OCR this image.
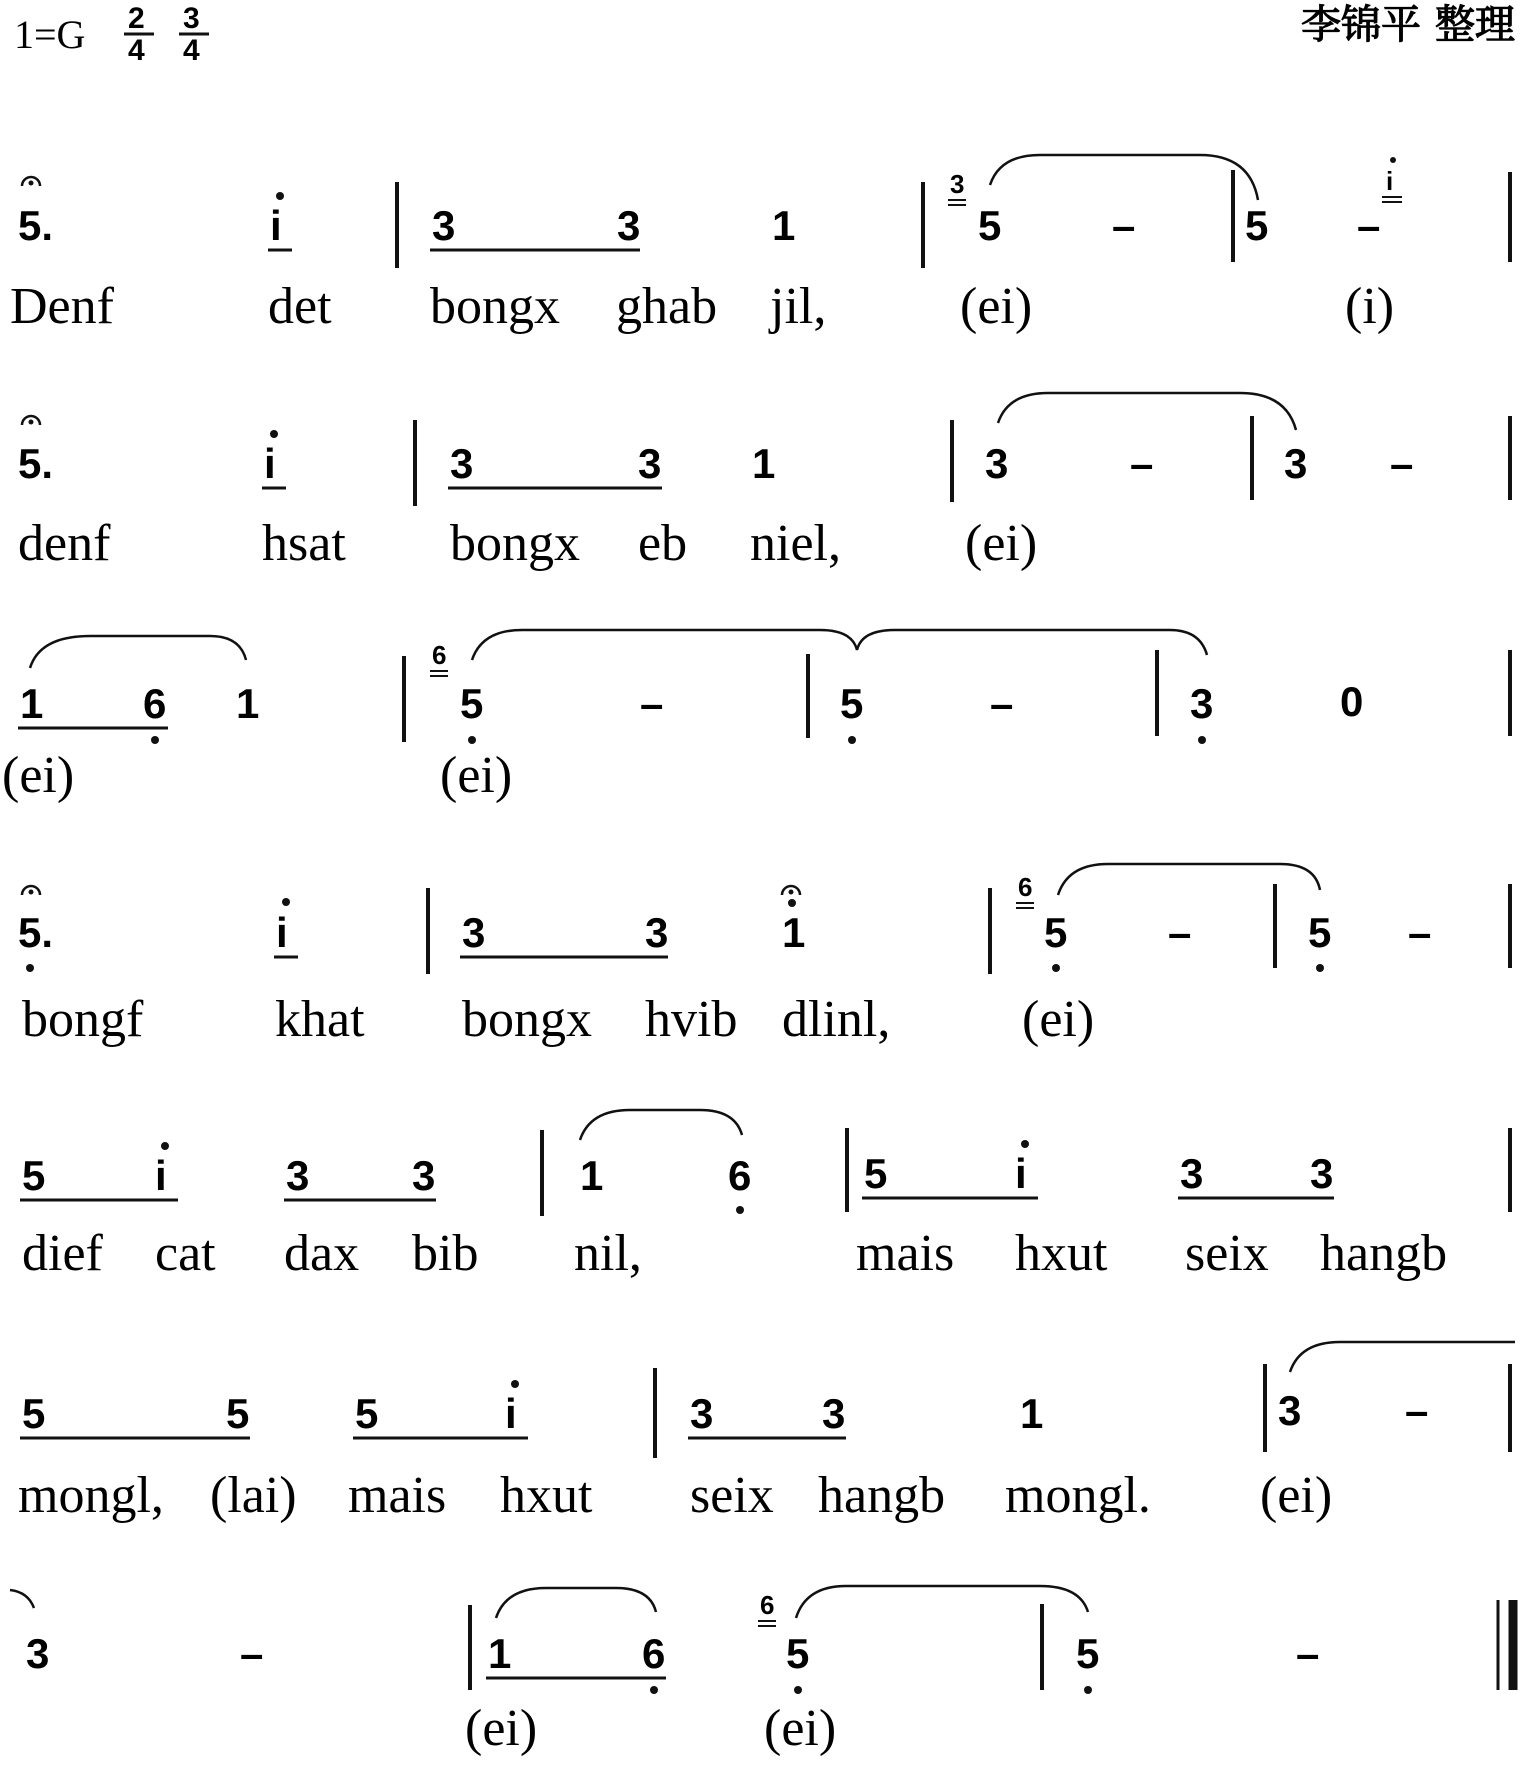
1=G 2
4
3
4
李锦平 整理
5.	i	3	3	1
3
5	–	5 –
i
Denf	det bongx ghab jil,	(ei)	(i)
5.	i	3	3 1	3	–	3 –
denf	hsat bongx eb niel, (ei)
1 6 1
6
5	–	5	–	3	0
(ei)	(ei)
5.	i	3	3	1
6
5 –	5 –
bongf	khat bongx hvib dlinl,	(ei)
5	i	3 3	1	6	5	i	3	3
dief cat dax bib nil,	mais hxut seix hangb
5	5	5	i	3	3	1	3 –
mongl, (lai) mais hxut seix hangb mongl. (ei)
3	–	1	6
6
5	5	–
(ei)	(ei)
